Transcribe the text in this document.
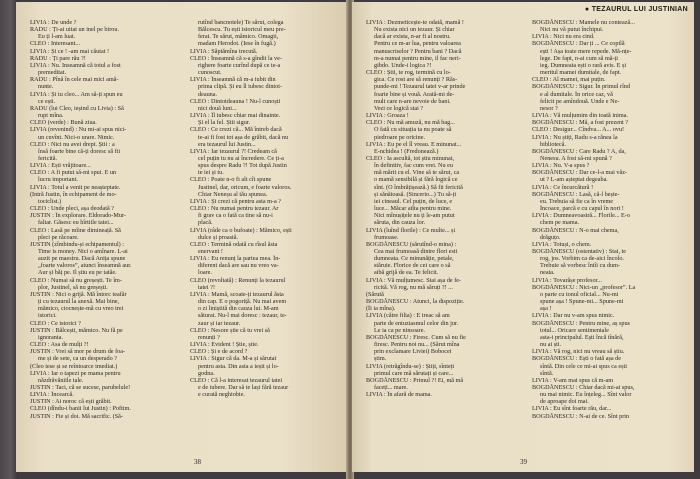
LIVIA : De unde ?
RADU : Ți-ai uitat un inel pe birou.
Eu ți l-am luat.
CLEO : Interesant...
LIVIA : Și ce ! -am mai căutat !
RADU : Ți pare rău ?!
LIVIA : Nu. Inseamnă că totul a fost
premeditat.
RADU : Pînă în cele mai mici amă-
nunte.
LIVIA : Și tu cleo... Am să-ți spun eu
ce ești.
RADU (lui Cleo, ieșind cu Livia) : Să
rupt mîna.
CLEO (verde) : Bună ziua.
LIVIA (revenind) : Nu mi-ai spus nici-
un cuvînt. Nici-o urare. Nimic.
CLEO : Nici nu avei drept. Știi : a
însă foarte bine că-ți doresc să fii
fericită.
LIVIA : Ești vrăjitoare...
CLEO : A fi putut să-mi spui. E un
lucru important.
LIVIA : Totul a venit pe neașteptate.
(Intră Justin, în echipament de mo-
tociclist.)
CLEO : Unde pleci, așa deodată ?
JUSTIN : În explorare. Eldorado-Mur-
faltar. Găsesc eu hîrtiile tatei...
CLEO : Lasă pe mîine dimineață. Să
pleci pe răcoare.
JUSTIN (zîmbindu-și echipamentul) :
Time is money. Nici o amînare. L-ai
auzit pe maestru. Dacă Anița spune
„foarte valoros”, atunci înseamnă aur.
Aur și băț pe. Il știu eu pe tatăe.
CLEO : Numai să nu greșești. Te îm-
plor, Justinel, să nu greșești.
JUSTIN : Nici o grijă. Mă întorc teafăr
ți cu tezaurul la anexă. Mai bine,
mămico, ciocnește-mă cu vreo trei
istorici.
CLEO : Ce istorici ?
JUSTIN : Bălcești, mămico. Nu fă pe
ignoranta.
CLEO : Asa de mulți ?!
JUSTIN : Vrei să mor pe drum de foa-
me și de sete, ca un desperado ?
(Cleo iese și se reîntoarce imediat.)
LIVIA : Iar o tapezi pe mama pentru
năzdrăvăniile tale.
JUSTIN : Taci, că se sucese, parubelule!
LIVIA : Încearcă.
JUSTIN : Ai noroc că ești grăbit.
CLEO (dîndu-i banii lui Justin) : Poftim.
JUSTIN : Fie și doi. Mă sacrific. (Să-
rutînd bancnotele) Te sărut, colega
Bălcescu. Tu ești istoricul meu pre-
ferat. Te sărut, mămico. Omagii,
madam Herodot. (Iese în fugă.)
LIVIA : Săptămîna trecută.
CLEO : Înseamnă că s-a gîndit la ve-
righere foarte curînd după ce te-a
cunoscut.
LIVIA : Înseamnă că m-a iubit din
prima clipă. Și eu îl iubesc dintot-
deauna.
CLEO : Dintotdeauna ! Nu-l cunoști
nici două luni...
LIVIA : Îl iubesc chiar mai dinainte.
Și el la fel. Știi sigur.
CLEO : Ce crezi că... Mă întreb dacă
te-ai fi fost tot așa de grăbit, dacă nu
era tezaurul lui Justin...
LIVIA : Iar tezaurul ?! Credeam că
cel puțin tu nu ai încredere. Ce ți-a
spus despre Radu ?! Tot după Justin
te iei și tu.
CLEO : Poate n-o fi alt cît spune
Justinel, dar, oricum, e foarte valoros.
Chiar Neneșu al tău spunea.
LIVIA : Și crezi că pentru asta m-a ?
CLEO : Nu numai pentru tezaur. Ar
fi grav ca o fată ca tine să nu-i
placă.
LIVIA (râde ca o bufoate) : Mămico, ești
dulce și proastă.
CLEO : Termină odată cu rîsul ăsta
enervant !
LIVIA : Eu renunț la partea mea. În-
diferent dacă are sau nu vreo va-
loare.
CLEO (revoltată) : Renunți la tezaurul
tatei ?!
LIVIA : Mamă, scoate-ți tezaurul ăsta
din cap. E o pogoriță. Nu mai avem
o zi liniștită din cauza lui. M-am
săturat. Nu-l mai doresc : tezaur, te-
zaur și iar tezaur.
CLEO : Nesore știe că tu vrei să
renunți ?
LIVIA : Evident ! Știe, știe.
CLEO : Și e de acord ?
LIVIA : Sigur că da. M-a și sărutat
pentru asta. Din asta a ieșit și lo-
godna.
CLEO : Că l-a interesat tezaurul tatei
e de iubere. Dar să te lași fără tezaur
e curată neghiobie.
38
● TEZAURUL LUI JUSTINIAN
LIVIA : Dezmeticește-te odată, mamă !
Nu exista nici un tezaur. Și chiar
dacă ar exista, n-ar fi al nostru.
Pentru ce m-ar lua, pentru valoarea
manuscriselor ? Pentru bani ? Dacă
m-a numai pentru mine, il fac neri-
gibdo. Unde-i logica ?!
CLEO : Știi, te rog, termină cu lo-
gica. Ce rost are să renunți ? Răs-
punde-mi ! Tezaurul tatei v-ar prinde
foarte bine și vouă. Arată-mi de-
mult care n-are nevoie de bani.
Vezi ce logică stai ?
LIVIA : Groaza !
CLEO : Nu mă amuză, nu mă bag...
O fată cu situația ta nu poate să
piedroare pe oricine.
LIVIA : Eu pe el îl vreau. E minunat...
E-nchidea ! (Fredonează.)
CLEO : Ia ascultă, tot știu minunat,
în definitiv, fac cum vrei. Nu eu
mă mărit cu el. Vine să te sărut, ca
o mamă sensibilă și fără logică ce
sînt. (O îmbrățișează.) Să fii fericită
și sănătoasă. (Sincerio...) Tu să-ți
iei cineaul. Cel puțin, de luce, e
luce... Măcar atîta pentru mine.
Nici mînușițele nu ți le-am putut
săruta, din cauza lor.
LIVIA (luînd florile) : Ce multe... și
frumoase.
BOGDĂNESCU (sărutînd-o mina) :
Cea mai frumoasă dintre flori esti
dumneata. Ce minunăție, petale,
stăruie. Florice de cei care o să
aibă grijă de ea. Te felicit.
LIVIA : Vă mulțumesc. Stai așa de fe-
ricită. Vă rog, nu mă săruți ?! ...
(Sărută
BOGDĂNESCU : Atunci, la dispoziție.
(Îi ia mîna).
LIVIA (către filia) : E ireac să am
parte de entuziasmul celor din jur.
Le ia ca pe ninsoare.
BOGDĂNESCU : Firesc. Cum să nu fie
firesc. Pentru noi nu... (Sărut mîna
prin exclamare Liviei) Bobocei
știm.
LIVIA (retrăgîndu-se) : Știți, sînteți
primul care mă sărutați și care...
BOGDĂNESCU : Primul ?! Ei, mă mă
faceți... mare.
LIVIA : În afară de mama.
BOGDĂNESCU : Mamele nu contează...
Nici nu vă putut închipui.
LIVIA : Nici nu era cind.
BOGDĂNESCU : Dar ți ... Ce copilă
ești ! Așa toate mere repede. Mă-nțe-
lege. De fapt, n-ai cum să mă-ți
ieg. Dumneata ești o rară avis. E și
meritul mamei dumitale, de fapt.
CLEO : Al mamei, mai puțin.
BOGDĂNESCU : Sigur. În primul rînd
e al dumitale. În orice caz, vă
felicit pe amîndouă. Unde e Ne-
nesor ?
LIVIA : Vă mulțumim din toată inima.
BOGDĂNESCU : Mă, a fost prezent ?
CLEO : Desigur... Cîndva... A... ovu!
LIVIA : Nu știți, Radu s-a rănea la
bibliotecă.
BOGDĂNESCU : Care Radu ? A, da,
Nenesu. A fost să-mi spună ?
LIVIA : Nu. V-a spus ?
BOGDĂNESCU : Dar ce-l-a mai văz-
ut ? L-am așteptat degeaba.
LIVIA : Ce încurcătură !
BOGDĂNESCU : Lasă, că-l bește-
eu. Trebuia să fie ca în vreme
Încoace, parcă e cu capul în nori !
LIVIA : Dumneavoastră... Florile... E-o
chem pe mama.
BOGDĂNESCU : N-o mai chema,
drăguțo.
LIVIA : Totuși, o chem.
BOGDĂNESCU (ostentativ) : Stai, te
rog, jos. Vorbim ca de-aici încolo.
Trebuie să vorbesc întîi cu dum-
neata.
LIVIA : Tovarășe profesor...
BOGDĂNESCU : Nici-un „profesor”. La
o parte cu tonul oficial... Nu-mi
spune așa ! Spune-mi... Spune-mi
așa !
LIVIA : Dar nu v-am spus nimic.
BOGDĂNESCU : Pentru mine, aș spus
totul... Oricare sentimentale
asta-i principalul. Ești încă tînără,
nu ai ști.
LIVIA : Vă rog, nici nu vreau să știu.
BOGDĂNESCU : Ești o fată așa de
sîntă. Din cele ce mi-ai spus ca ești
sîntă.
LIVIA : V-am mai spus că m-am
BOGDĂNESCU : Chiar dacă mi-ai spus,
nu mai nimic. Eu înțeleg... Sînt valor
de aproape doi mai.
LIVIA : Eu sînt foarte rău, dar...
BOGDĂNESCU : N-ai de ce. Sînt prin
39
